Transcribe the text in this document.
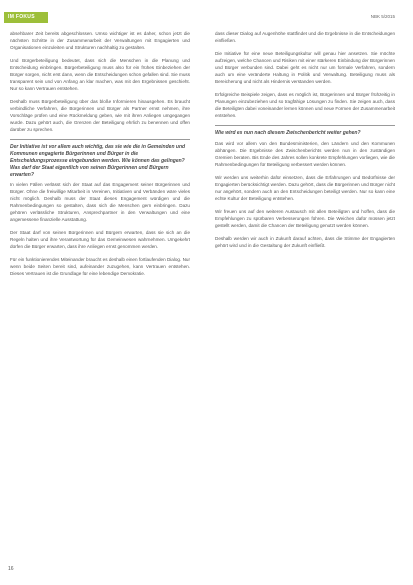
IM FOKUS	NBK 5/2015

absehbarer Zeit bereits abgeschlossen. Umso wichtiger ist es daher, schon jetzt die nächsten Schritte in der Zusammenarbeit der Verwaltungen mit Engagierten und Organisationen einzuleiten und Strukturen nachhaltig zu gestalten.

Und Bürgerbeteiligung bedeutet, dass sich die Menschen in die Planung und Entscheidung einbringen. Bürgerbeteiligung muss also für ein frühes Einbeziehen der Bürger sorgen, nicht erst dann, wenn die Entscheidungen schon gefallen sind. Sie muss transparent sein und von Anfang an klar machen, was mit den Ergebnissen geschieht. Nur so kann Vertrauen entstehen.

Deshalb muss Bürgerbeteiligung über das bloße Informieren hinausgehen. Es braucht verbindliche Verfahren, die Bürgerinnen und Bürger als Partner ernst nehmen, ihre Vorschläge prüfen und eine Rückmeldung geben, wie mit ihren Anliegen umgegangen wurde. Dazu gehört auch, die Grenzen der Beteiligung ehrlich zu benennen und offen darüber zu sprechen.

Der Initiative ist vor allem auch wichtig, das sie wie die in Gemeinden und Kommunen engagierte Bürgerinnen und Bürger in die Entscheidungsprozesse eingebunden werden. Wie können das gelingen? Was darf der Staat eigentlich von seinen Bürgerinnen und Bürgern erwarten?

In vielen Fällen verlässt sich der Staat auf das Engagement seiner Bürgerinnen und Bürger. Ohne die freiwillige Mitarbeit in Vereinen, Initiativen und Verbänden wäre vieles nicht möglich. Deshalb muss der Staat dieses Engagement würdigen und die Rahmenbedingungen so gestalten, dass sich die Menschen gern einbringen. Dazu gehören verlässliche Strukturen, Ansprechpartner in den Verwaltungen und eine angemessene finanzielle Ausstattung.

Der Staat darf von seinen Bürgerinnen und Bürgern erwarten, dass sie sich an die Regeln halten und ihre Verantwortung für das Gemeinwesen wahrnehmen. Umgekehrt dürfen die Bürger erwarten, dass ihre Anliegen ernst genommen werden.

Für ein funktionierendes Miteinander braucht es deshalb einen fortlaufenden Dialog. Nur wenn beide Seiten bereit sind, aufeinander zuzugehen, kann Vertrauen entstehen. Dieses Vertrauen ist die Grundlage für eine lebendige Demokratie.

dass dieser Dialog auf Augenhöhe stattfindet und die Ergebnisse in die Entscheidungen einfließen.

Die Initiative für eine neue Beteiligungskultur will genau hier ansetzen. Sie möchte aufzeigen, welche Chancen und Risiken mit einer stärkeren Einbindung der Bürgerinnen und Bürger verbunden sind. Dabei geht es nicht nur um formale Verfahren, sondern auch um eine veränderte Haltung in Politik und Verwaltung. Beteiligung muss als Bereicherung und nicht als Hindernis verstanden werden.

Erfolgreiche Beispiele zeigen, dass es möglich ist, Bürgerinnen und Bürger frühzeitig in Planungen einzubeziehen und so tragfähige Lösungen zu finden. Sie zeigen auch, dass die Beteiligten dabei voneinander lernen können und neue Formen der Zusammenarbeit entstehen.

Wie wird es nun nach diesem Zwischenbericht weiter gehen?

Das wird vor allem von den Bundesministerien, den Ländern und den Kommunen abhängen. Die Ergebnisse des Zwischenberichts werden nun in den zuständigen Gremien beraten. Bis Ende des Jahres sollen konkrete Empfehlungen vorliegen, wie die Rahmenbedingungen für Beteiligung verbessert werden können.

Wir werden uns weiterhin dafür einsetzen, dass die Erfahrungen und Bedürfnisse der Engagierten berücksichtigt werden. Dazu gehört, dass die Bürgerinnen und Bürger nicht nur angehört, sondern auch an den Entscheidungen beteiligt werden. Nur so kann eine echte Kultur der Beteiligung entstehen.

Wir freuen uns auf den weiteren Austausch mit allen Beteiligten und hoffen, dass die Empfehlungen zu spürbaren Verbesserungen führen. Die Weichen dafür müssen jetzt gestellt werden, damit die Chancen der Beteiligung genutzt werden können.

Deshalb werden wir auch in Zukunft darauf achten, dass die Stimme der Engagierten gehört wird und in die Gestaltung der Zukunft einfließt.

16
